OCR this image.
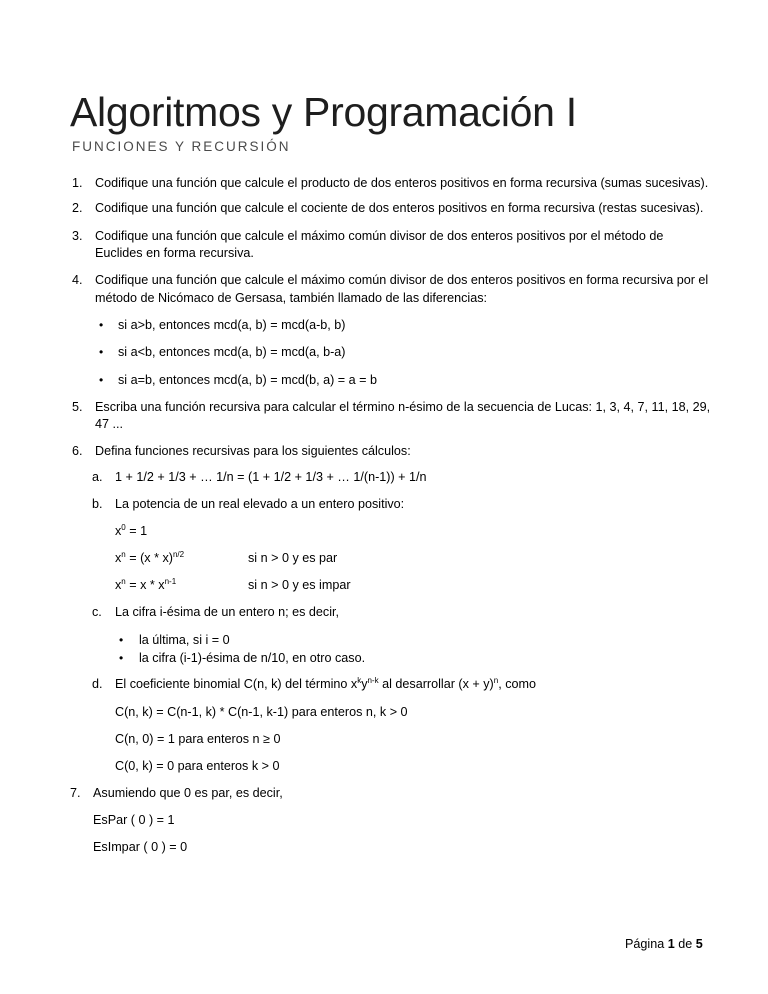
Algoritmos y Programación I
FUNCIONES Y RECURSIÓN
1. Codifique una función que calcule el producto de dos enteros positivos en forma recursiva (sumas sucesivas).
2. Codifique una función que calcule el cociente de dos enteros positivos en forma recursiva (restas sucesivas).
3. Codifique una función que calcule el máximo común divisor de dos enteros positivos por el método de
Euclides en forma recursiva.
4. Codifique una función que calcule el máximo común divisor de dos enteros positivos en forma recursiva por el
método de Nicómaco de Gersasa, también llamado de las diferencias:
• si a>b, entonces mcd(a, b) = mcd(a-b, b)
• si a<b, entonces mcd(a, b) = mcd(a, b-a)
• si a=b, entonces mcd(a, b) = mcd(b, a) = a = b
5. Escriba una función recursiva para calcular el término n-ésimo de la secuencia de Lucas: 1, 3, 4, 7, 11, 18, 29,
47 ...
6. Defina funciones recursivas para los siguientes cálculos:
a. 1 + 1/2 + 1/3 + … 1/n = (1 + 1/2 + 1/3 + … 1/(n-1)) + 1/n
b. La potencia de un real elevado a un entero positivo:
$x^0 = 1$
$x^n = (x * x)^{n/2}$	si n > 0 y es par
$x^n = x * x^{n-1}$	si n > 0 y es impar
c. La cifra i-ésima de un entero n; es decir,
• la última, si i = 0
• la cifra (i-1)-ésima de n/10, en otro caso.
d. El coeficiente binomial C(n, k) del término $x^ky^{n-k}$ al desarrollar $(x + y)^n$, como
C(n, k) = C(n-1, k) * C(n-1, k-1) para enteros n, k > 0
C(n, 0) = 1 para enteros n ≥ 0
C(0, k) = 0 para enteros k > 0
7. Asumiendo que 0 es par, es decir,
EsPar ( 0 ) = 1
EsImpar ( 0 ) = 0
Página 1 de 5
